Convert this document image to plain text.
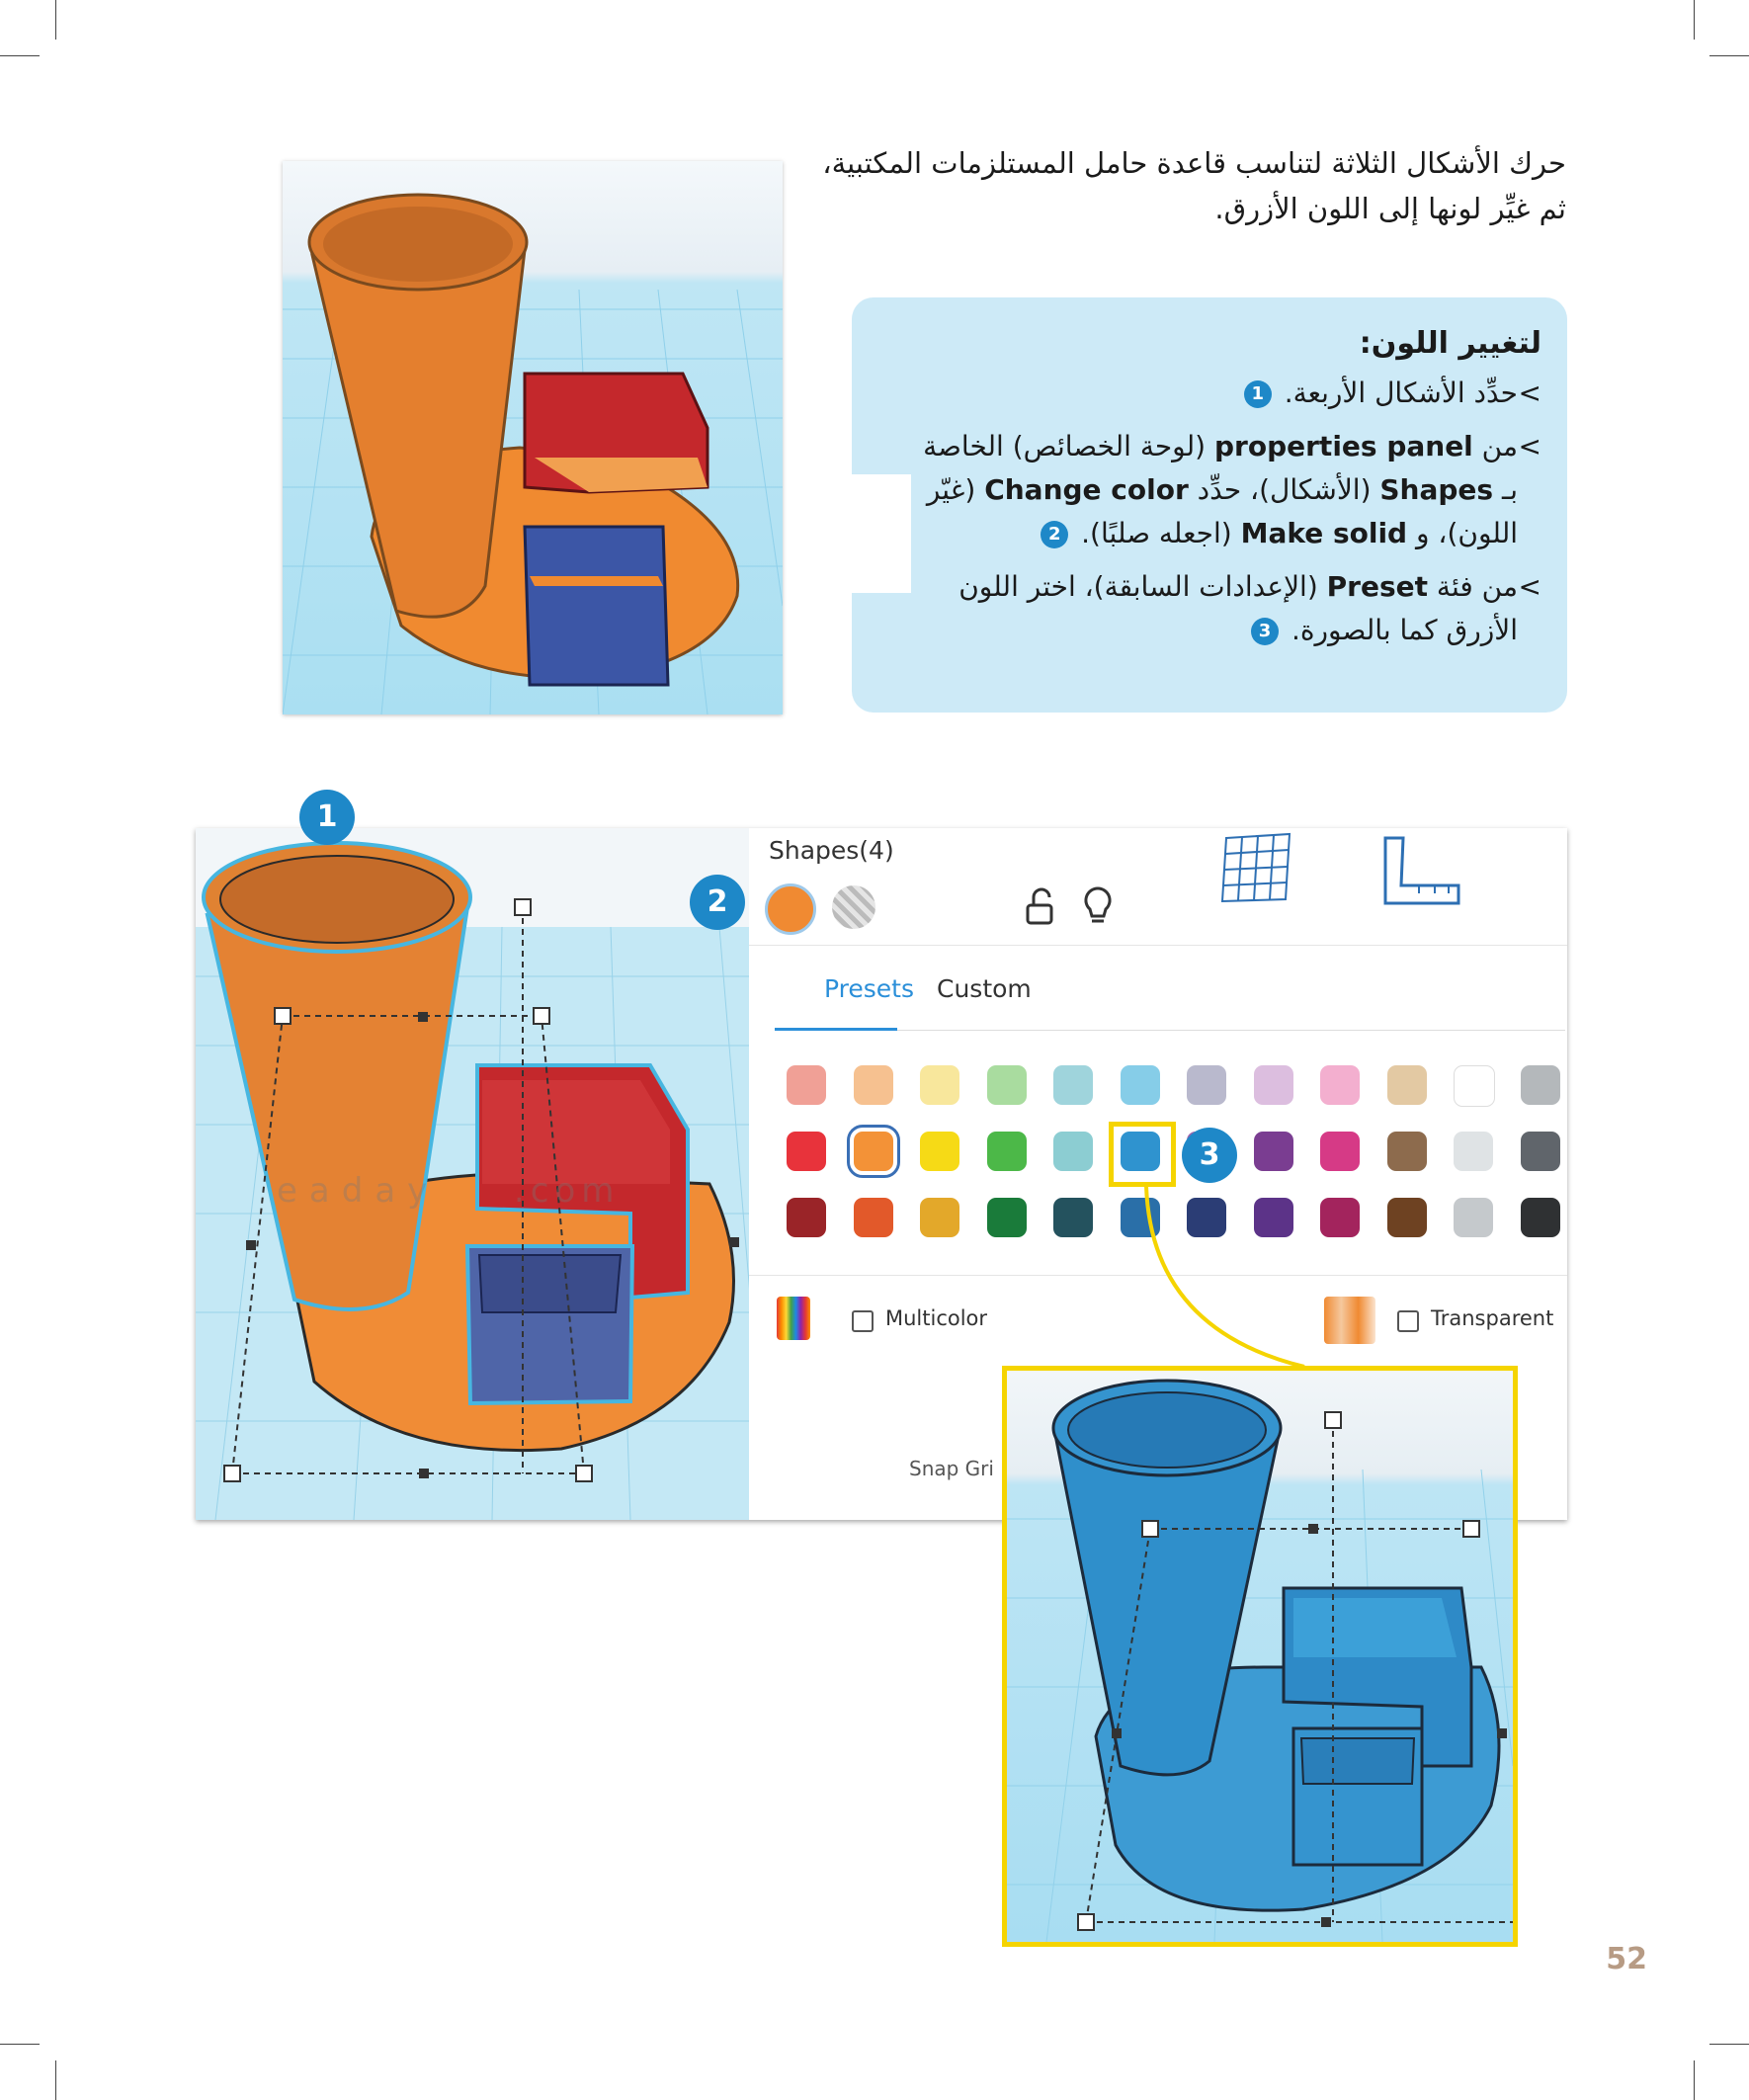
حرك الأشكال الثلاثة لتناسب قاعدة حامل المستلزمات المكتبية،
ثم غيِّر لونها إلى اللون الأزرق.
لتغيير اللون:
>
حدِّد الأشكال الأربعة. 1
>
من properties panel (لوحة الخصائص) الخاصة بـ Shapes (الأشكال)، حدِّد Change color (غيّر اللون)، و Make solid (اجعله صلبًا). 2
>
من فئة Preset (الإعدادات السابقة)، اختر اللون الأزرق كما بالصورة. 3
Shapes(4)
Presets Custom
Multicolor	Transparent
Snap Gri
1
2
3
eaday .com
52
